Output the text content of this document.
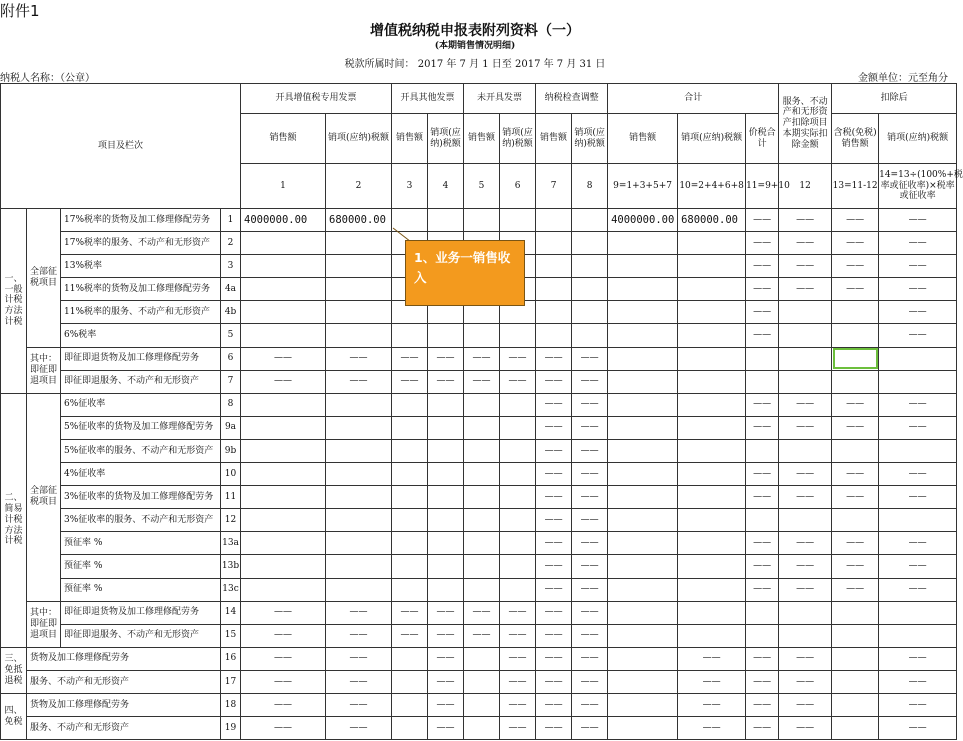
附件1
增值税纳税申报表附列资料（一）
(本期销售情况明细)
税款所属时间： 2017 年 7 月 1 日至 2017 年 7 月 31 日
纳税人名称：（公章）	金额单位：元至角分
项目及栏次				开具增值税专用发票		开具其他发票		未开具发票		纳税检查调整		合计			服务、不动产和无形资产扣除项目本期实际扣除金额	扣除后	
				销售额	销项(应纳)税额	销售额	销项(应纳)税额	销售额	销项(应纳)税额	销售额	销项(应纳)税额	销售额	销项(应纳)税额	价税合计		含税(免税)销售额	销项(应纳)税额
				1	2	3	4	5	6	7	8	9=1+3+5+7	10=2+4+6+8	11=9+10	12	13=11-12	14=13÷(100%+税率或征收率)×税率或征收率
一、一般计税方法计税	全部征税项目	17%税率的货物及加工修理修配劳务	1	4000000.00	680000.00							4000000.00	680000.00	——	——	——	——
		17%税率的服务、不动产和无形资产	2											——	——	——	——
		13%税率	3											——	——	——	——
		11%税率的货物及加工修理修配劳务	4a											——	——	——	——
		11%税率的服务、不动产和无形资产	4b											——			——
		6%税率	5											——			——
	其中：即征即退项目	即征即退货物及加工修理修配劳务	6	——	——	——	——	——	——	——	——						
		即征即退服务、不动产和无形资产	7	——	——	——	——	——	——	——	——						
二、简易计税方法计税	全部征税项目	6%征收率	8							——	——			——	——	——	——
		5%征收率的货物及加工修理修配劳务	9a							——	——			——	——	——	——
		5%征收率的服务、不动产和无形资产	9b							——	——						
		4%征收率	10							——	——			——	——	——	——
		3%征收率的货物及加工修理修配劳务	11							——	——			——	——	——	——
		3%征收率的服务、不动产和无形资产	12							——	——						
		预征率 %	13a							——	——			——	——	——	——
		预征率 %	13b							——	——			——	——	——	——
		预征率 %	13c							——	——			——	——	——	——
	其中：即征即退项目	即征即退货物及加工修理修配劳务	14	——	——	——	——	——	——	——	——						
		即征即退服务、不动产和无形资产	15	——	——	——	——	——	——	——	——						
三、免抵退税	货物及加工修理修配劳务		16	——	——		——		——	——	——		——	——	——		——
	服务、不动产和无形资产		17	——	——		——		——	——	——		——	——	——		——
四、免税	货物及加工修理修配劳务		18	——	——		——		——	——	——		——	——	——		——
	服务、不动产和无形资产		19	——	——		——		——	——	——		——	——	——		——
1、业务一销售收入
